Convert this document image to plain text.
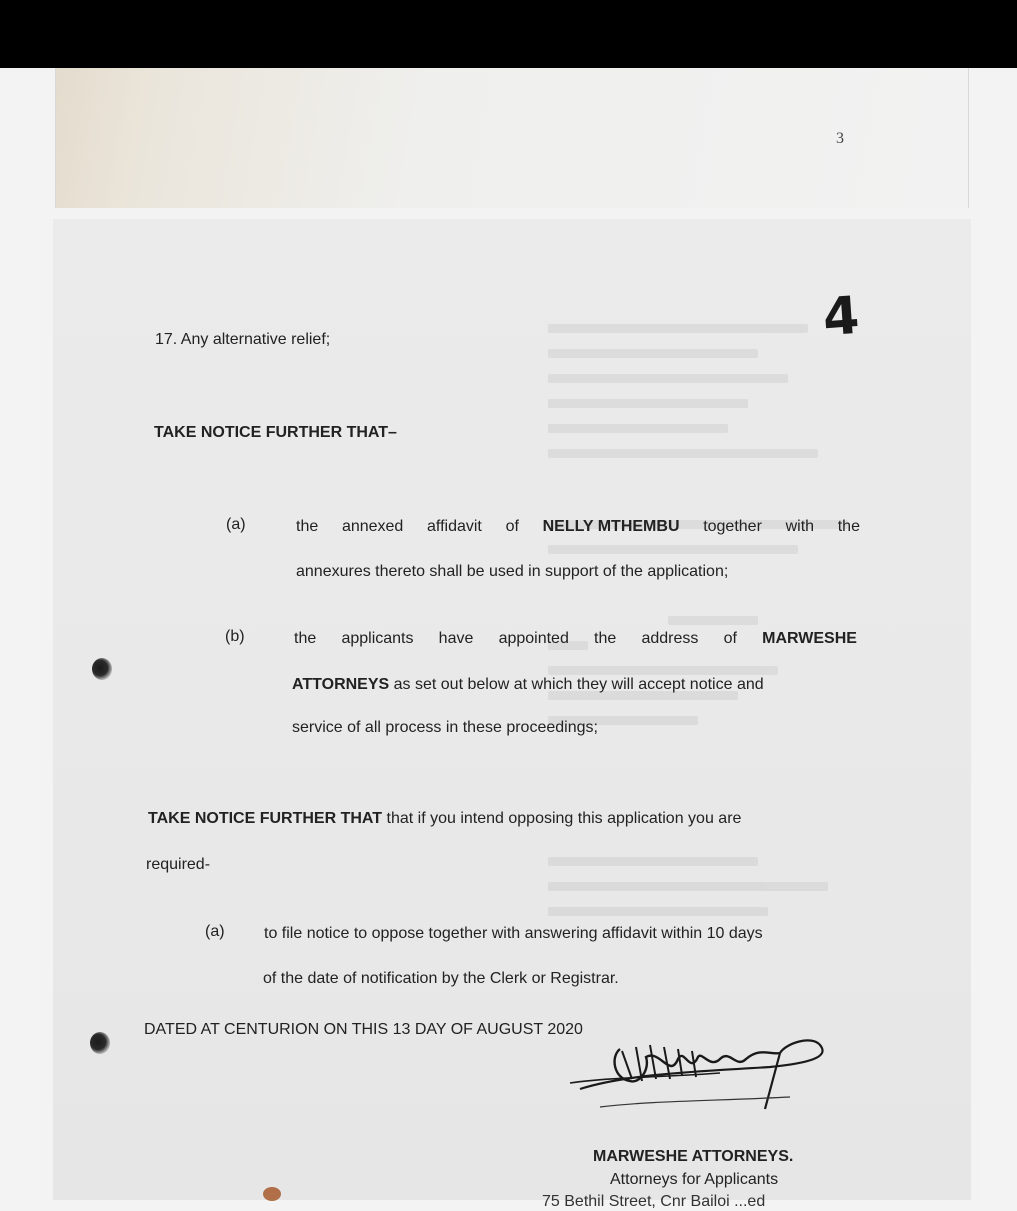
3
4
17. Any alternative relief;
TAKE NOTICE FURTHER THAT–
(a)	the annexed affidavit of NELLY MTHEMBU together with the
annexures thereto shall be used in support of the application;
(b)	the applicants have appointed the address of MARWESHE
ATTORNEYS as set out below at which they will accept notice and
service of all process in these proceedings;
TAKE NOTICE FURTHER THAT that if you intend opposing this application you are
required-
(a) to file notice to oppose together with answering affidavit within 10 days
of the date of notification by the Clerk or Registrar.
DATED AT CENTURION ON THIS 13 DAY OF AUGUST 2020
MARWESHE ATTORNEYS.
Attorneys for Applicants
75 Bethil Street, Cnr Bailoi ...ed
